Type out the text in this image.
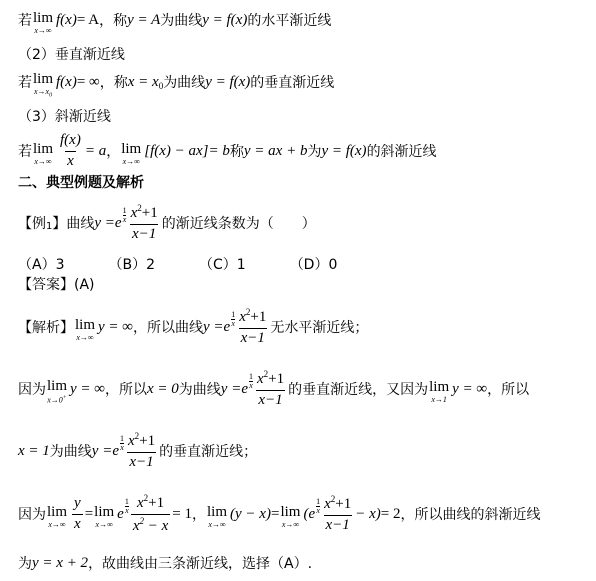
若 lim
x→∞
f(x) = A ，称 y = A 为曲线 y = f(x) 的水平渐近线
（2）垂直渐近线
若 lim
$x\to x_0$
f(x) = ∞ ，称 x = x 0 为曲线 y = f(x) 的垂直渐近线
（3）斜渐近线
若 lim
$x\to\infty \frac{f(x)}{x} = a$ ， lim
x→∞
[f(x) − ax] = b 称 y = ax + b 为 y = f(x) 的斜渐近线
二、典型例题及解析
【例 1 】曲线 y = e
1
x $\frac{x^2+1}{x-1}$ 的渐近线条数为（　　）
（A）3	（B）2	（C）1	（D）0
【答案】(A)
【解析】 lim
x→∞
y = ∞ ，所以曲线 y = e
1
x $\frac{x^2+1}{x-1}$ 无水平渐近线；
因为 lim
x→0+
y = ∞ ，所以 x = 0 为曲线 y = e
1
x $\frac{x^2+1}{x-1}$ 的垂直渐近线 ，又因为 lim
x→1
y = ∞ ，所以
x = 1 为曲线 y = e
1
x $\frac{x^2+1}{x-1}$ 的垂直渐近线；
因为 lim
$x\to\infty \frac{y}{x} = \lim$
x→∞
e
1
x $\frac{x^2+1}{x^2 - x} = 1$ ， lim
x→∞
(y − x) = lim
x→∞
(e
1
x $\frac{x^2+1}{x-1} - x) = 2$ ，所以曲线的斜渐近线
为 y = x + 2 ，故曲线由三条渐近线，选择（A）.
